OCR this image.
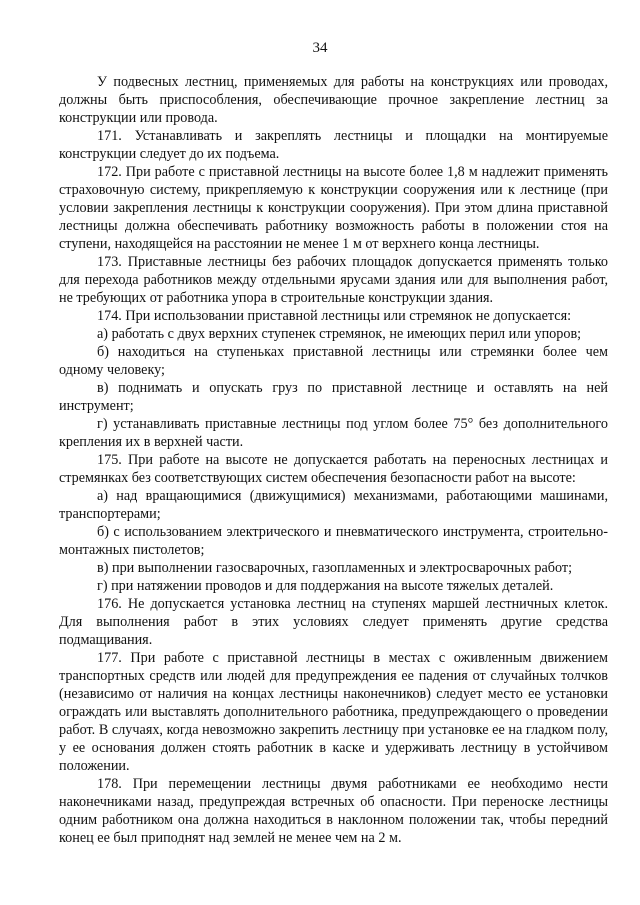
34

У подвесных лестниц, применяемых для работы на конструкциях или проводах, должны быть приспособления, обеспечивающие прочное закрепление лестниц за конструкции или провода.

171. Устанавливать и закреплять лестницы и площадки на монтируемые конструкции следует до их подъема.

172. При работе с приставной лестницы на высоте более 1,8 м надлежит применять страховочную систему, прикрепляемую к конструкции сооружения или к лестнице (при условии закрепления лестницы к конструкции сооружения). При этом длина приставной лестницы должна обеспечивать работнику возможность работы в положении стоя на ступени, находящейся на расстоянии не менее 1 м от верхнего конца лестницы.

173. Приставные лестницы без рабочих площадок допускается применять только для перехода работников между отдельными ярусами здания или для выполнения работ, не требующих от работника упора в строительные конструкции здания.

174. При использовании приставной лестницы или стремянок не допускается:

а) работать с двух верхних ступенек стремянок, не имеющих перил или упоров;

б) находиться на ступеньках приставной лестницы или стремянки более чем одному человеку;

в) поднимать и опускать груз по приставной лестнице и оставлять на ней инструмент;

г) устанавливать приставные лестницы под углом более 75° без дополнительного крепления их в верхней части.

175. При работе на высоте не допускается работать на переносных лестницах и стремянках без соответствующих систем обеспечения безопасности работ на высоте:

а) над вращающимися (движущимися) механизмами, работающими машинами, транспортерами;

б) с использованием электрического и пневматического инструмента, строительно-монтажных пистолетов;

в) при выполнении газосварочных, газопламенных и электросварочных работ;

г) при натяжении проводов и для поддержания на высоте тяжелых деталей.

176. Не допускается установка лестниц на ступенях маршей лестничных клеток. Для выполнения работ в этих условиях следует применять другие средства подмащивания.

177. При работе с приставной лестницы в местах с оживленным движением транспортных средств или людей для предупреждения ее падения от случайных толчков (независимо от наличия на концах лестницы наконечников) следует место ее установки ограждать или выставлять дополнительного работника, предупреждающего о проведении работ. В случаях, когда невозможно закрепить лестницу при установке ее на гладком полу, у ее основания должен стоять работник в каске и удерживать лестницу в устойчивом положении.

178. При перемещении лестницы двумя работниками ее необходимо нести наконечниками назад, предупреждая встречных об опасности. При переноске лестницы одним работником она должна находиться в наклонном положении так, чтобы передний конец ее был приподнят над землей не менее чем на 2 м.
